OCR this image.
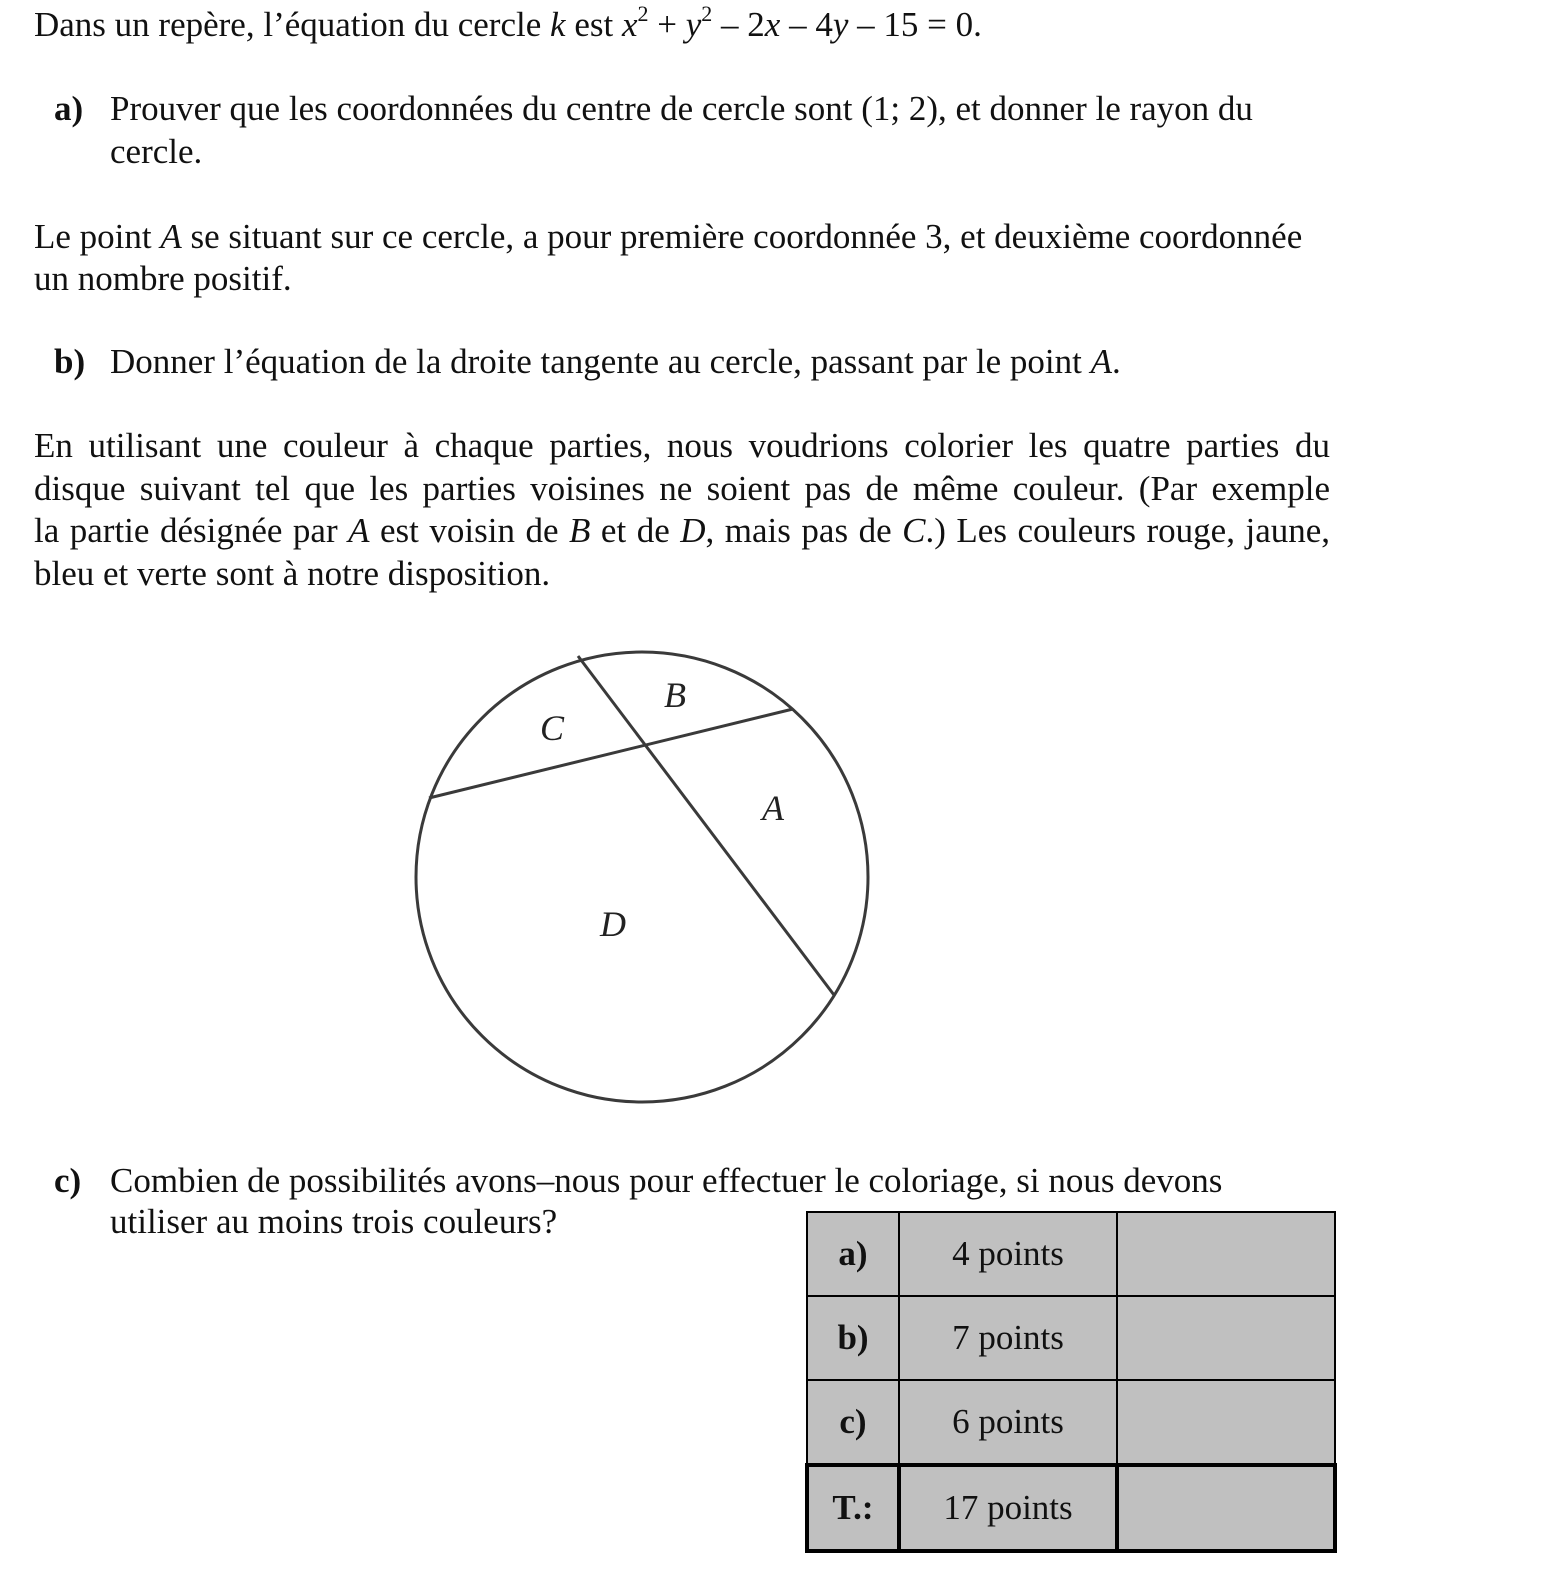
Dans un repère, l’équation du cercle k est $x^2 + y^2 - 2x - 4y - 15 = 0$.
a) Prouver que les coordonnées du centre de cercle sont (1; 2), et donner le rayon du
cercle.
Le point A se situant sur ce cercle, a pour première coordonnée 3, et deuxième coordonnée
un nombre positif.
b) Donner l’équation de la droite tangente au cercle, passant par le point A.
En utilisant une couleur à chaque parties, nous voudrions colorier les quatre parties du
disque suivant tel que les parties voisines ne soient pas de même couleur. (Par exemple
la partie désignée par A est voisin de B et de D, mais pas de C.) Les couleurs rouge, jaune,
bleu et verte sont à notre disposition.
B
C
A
D
c) Combien de possibilités avons–nous pour effectuer le coloriage, si nous devons
utiliser au moins trois couleurs?
a)	4 points	
b)	7 points	
c)	6 points	
T.:	17 points	
